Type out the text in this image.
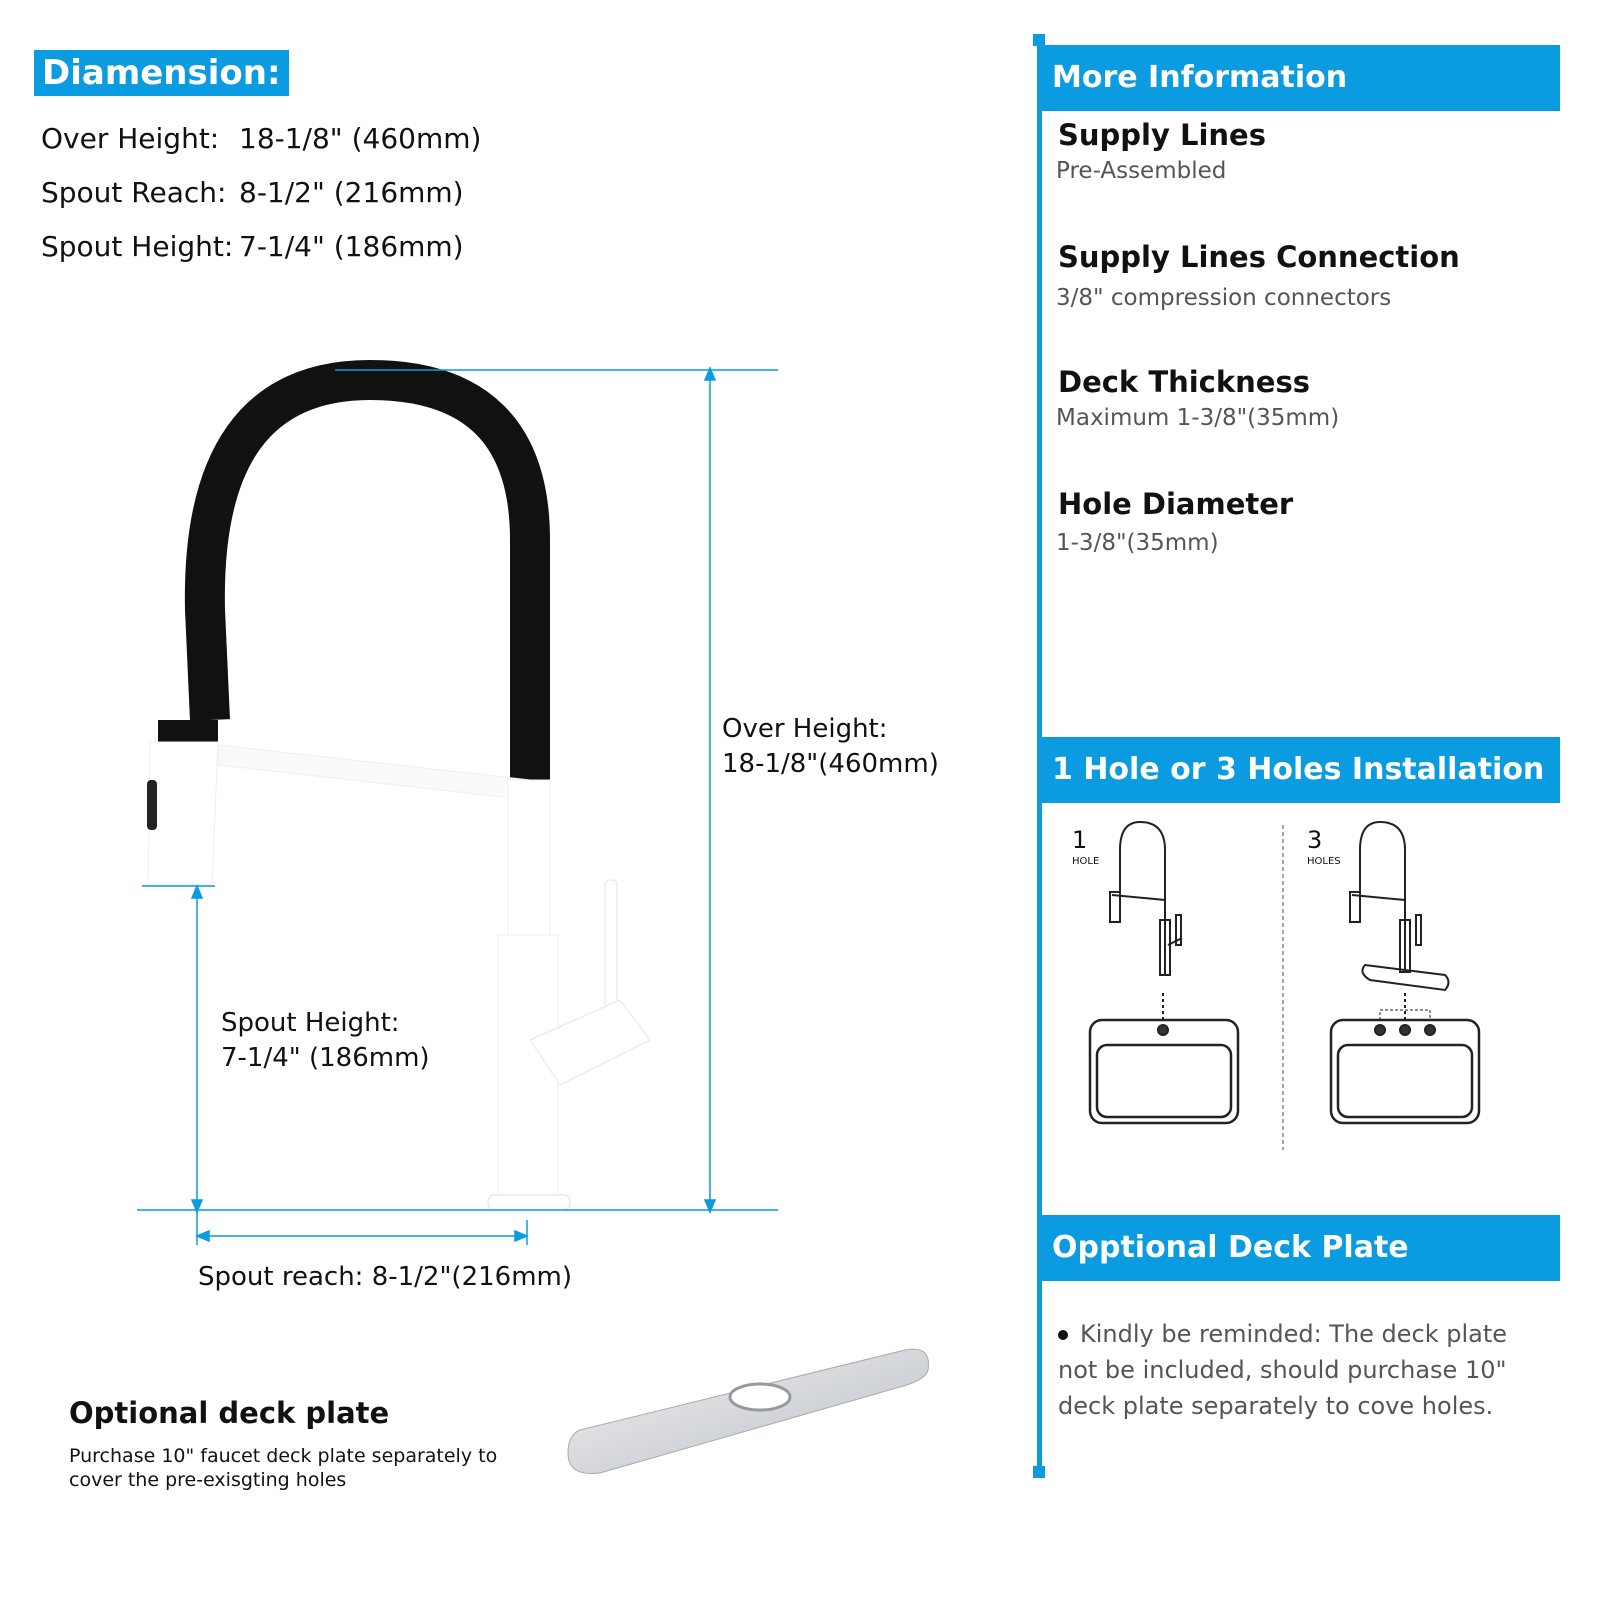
Diamension:
Over Height: 18-1/8" (460mm)
Spout Reach: 8-1/2" (216mm)
Spout Height: 7-1/4" (186mm)
Over Height:
18-1/8"(460mm)
Spout Height:
7-1/4" (186mm)
Spout reach: 8-1/2"(216mm)
Optional deck plate
Purchase 10" faucet deck plate separately to
cover the pre-exisgting holes
More Information
Supply Lines
Pre-Assembled
Supply Lines Connection
3/8" compression connectors
Deck Thickness
Maximum 1-3/8"(35mm)
Hole Diameter
1-3/8"(35mm)
1 Hole or 3 Holes Installation
1
HOLE
3
HOLES
Opptional Deck Plate
Kindly be reminded: The deck plate not be included, should purchase 10" deck plate separately to cove holes.
